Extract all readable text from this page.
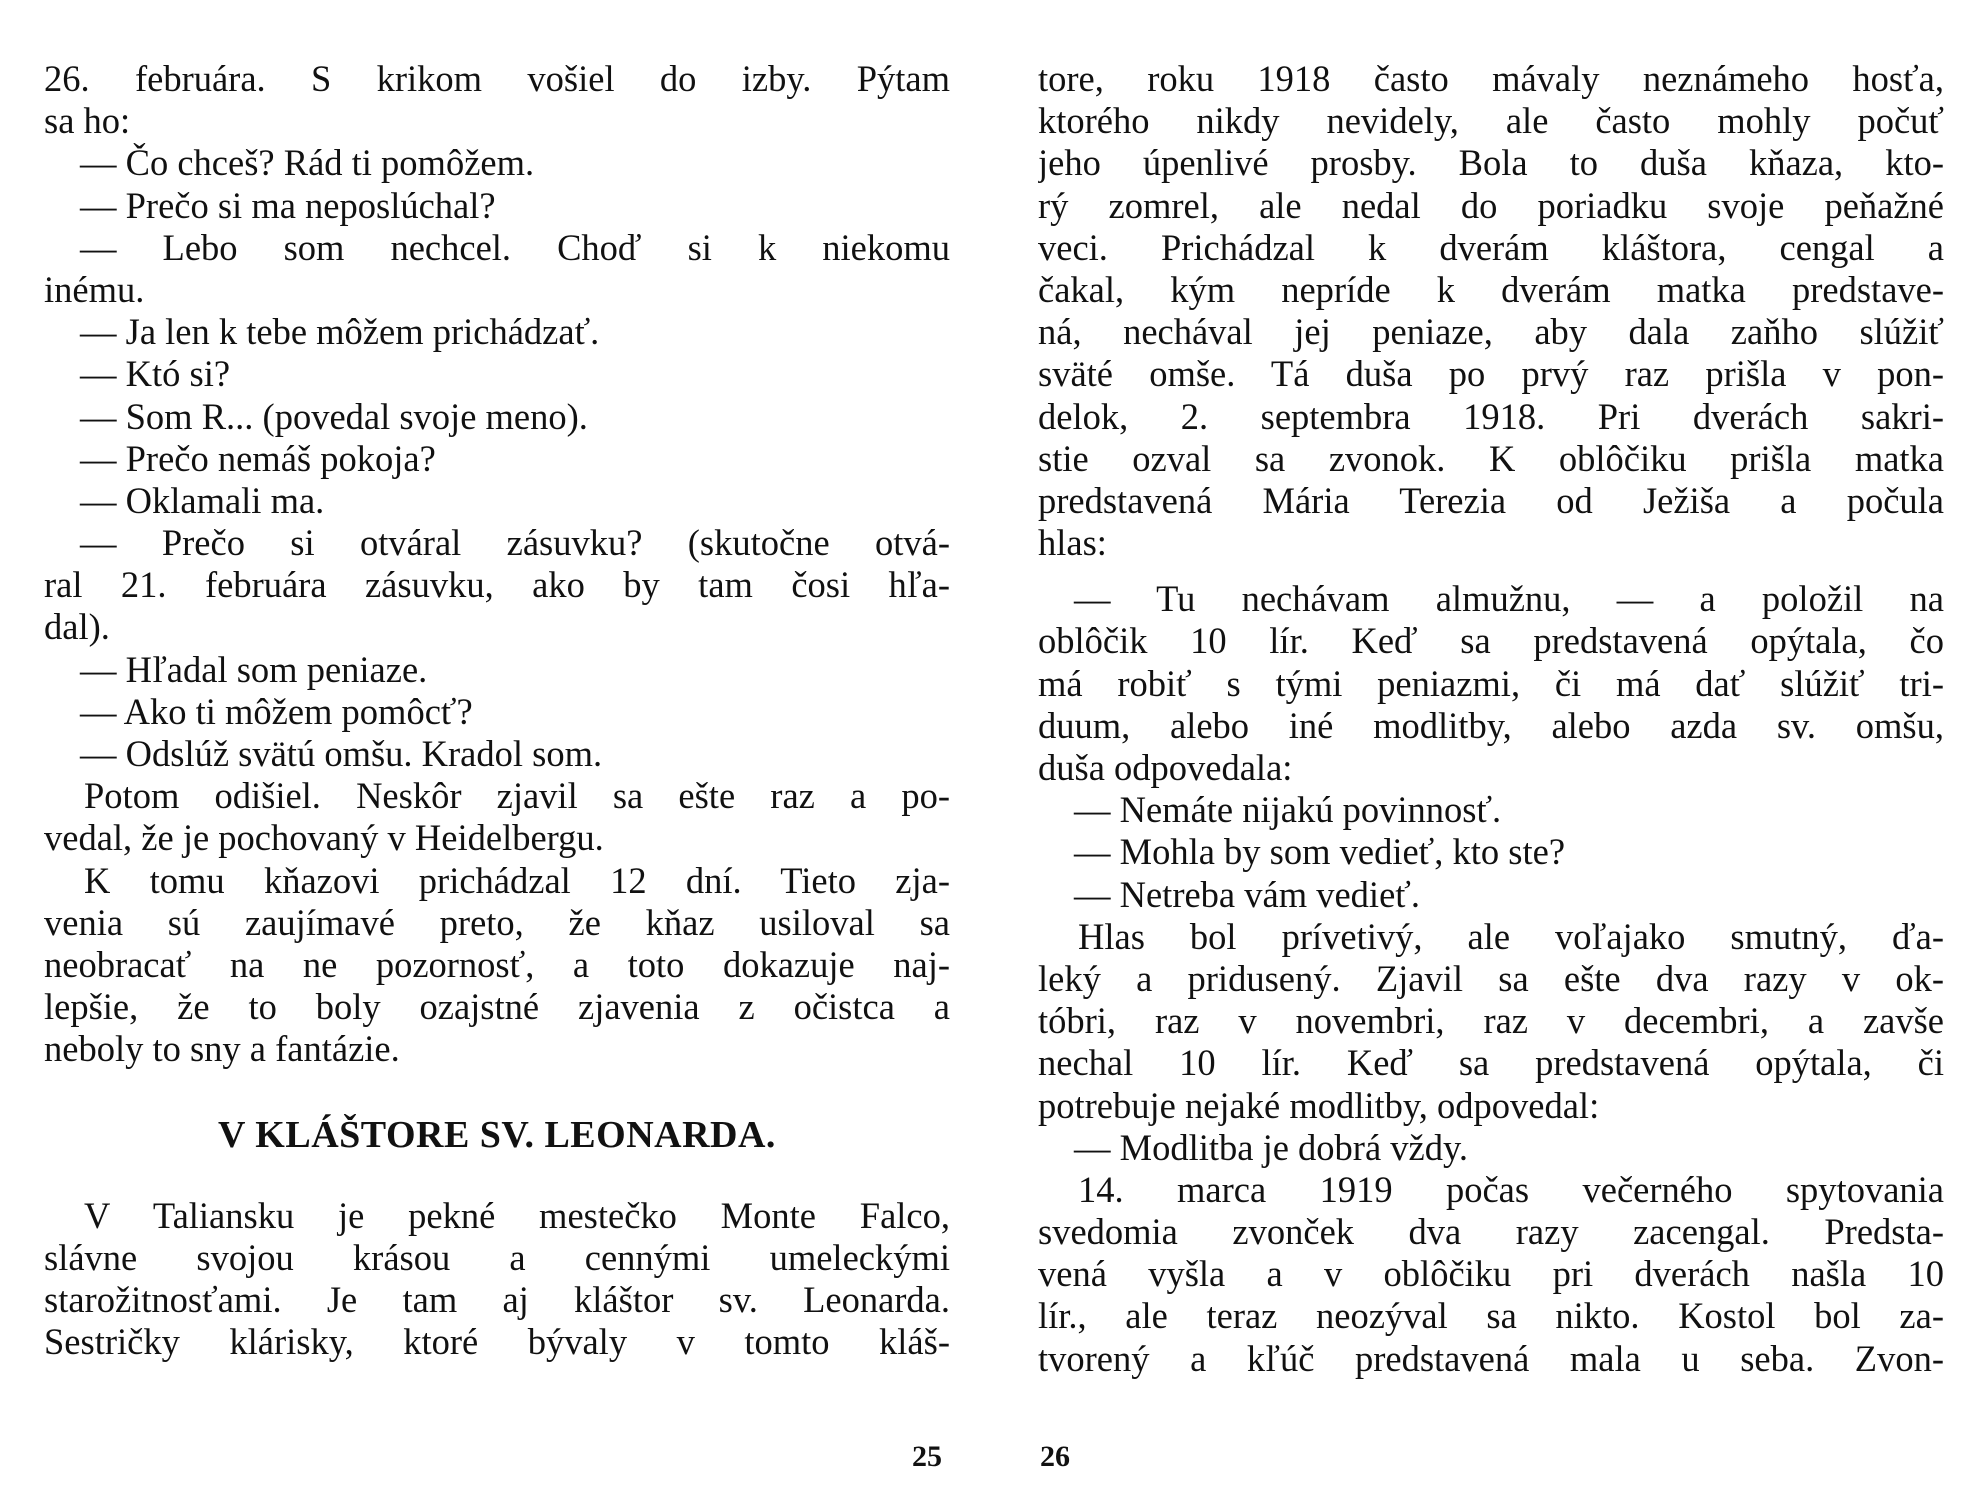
26. februára. S krikom vošiel do izby. Pýtam
sa ho:
— Čo chceš? Rád ti pomôžem.
— Prečo si ma neposlúchal?
— Lebo som nechcel. Choď si k niekomu
inému.
— Ja len k tebe môžem prichádzať.
— Któ si?
— Som R... (povedal svoje meno).
— Prečo nemáš pokoja?
— Oklamali ma.
— Prečo si otváral zásuvku? (skutočne otvá-
ral 21. februára zásuvku, ako by tam čosi hľa-
dal).
— Hľadal som peniaze.
— Ako ti môžem pomôcť?
— Odslúž svätú omšu. Kradol som.
Potom odišiel. Neskôr zjavil sa ešte raz a po-
vedal, že je pochovaný v Heidelbergu.
K tomu kňazovi prichádzal 12 dní. Tieto zja-
venia sú zaujímavé preto, že kňaz usiloval sa
neobracať na ne pozornosť, a toto dokazuje naj-
lepšie, že to boly ozajstné zjavenia z očistca a
neboly to sny a fantázie.
V KLÁŠTORE SV. LEONARDA.
V Taliansku je pekné mestečko Monte Falco,
slávne svojou krásou a cennými umeleckými
starožitnosťami. Je tam aj kláštor sv. Leonarda.
Sestričky klárisky, ktoré bývaly v tomto kláš-
25
tore, roku 1918 často mávaly neznámeho hosťa,
ktorého nikdy nevidely, ale často mohly počuť
jeho úpenlivé prosby. Bola to duša kňaza, kto-
rý zomrel, ale nedal do poriadku svoje peňažné
veci. Prichádzal k dverám kláštora, cengal a
čakal, kým nepríde k dverám matka predstave-
ná, nechával jej peniaze, aby dala zaňho slúžiť
sväté omše. Tá duša po prvý raz prišla v pon-
delok, 2. septembra 1918. Pri dverách sakri-
stie ozval sa zvonok. K oblôčiku prišla matka
predstavená Mária Terezia od Ježiša a počula
hlas:
— Tu nechávam almužnu, — a položil na
oblôčik 10 lír. Keď sa predstavená opýtala, čo
má robiť s tými peniazmi, či má dať slúžiť tri-
duum, alebo iné modlitby, alebo azda sv. omšu,
duša odpovedala:
— Nemáte nijakú povinnosť.
— Mohla by som vedieť, kto ste?
— Netreba vám vedieť.
Hlas bol prívetivý, ale voľajako smutný, ďa-
leký a pridusený. Zjavil sa ešte dva razy v ok-
tóbri, raz v novembri, raz v decembri, a zavše
nechal 10 lír. Keď sa predstavená opýtala, či
potrebuje nejaké modlitby, odpovedal:
— Modlitba je dobrá vždy.
14. marca 1919 počas večerného spytovania
svedomia zvonček dva razy zacengal. Predsta-
vená vyšla a v oblôčiku pri dverách našla 10
lír., ale teraz neozýval sa nikto. Kostol bol za-
tvorený a kľúč predstavená mala u seba. Zvon-
26
